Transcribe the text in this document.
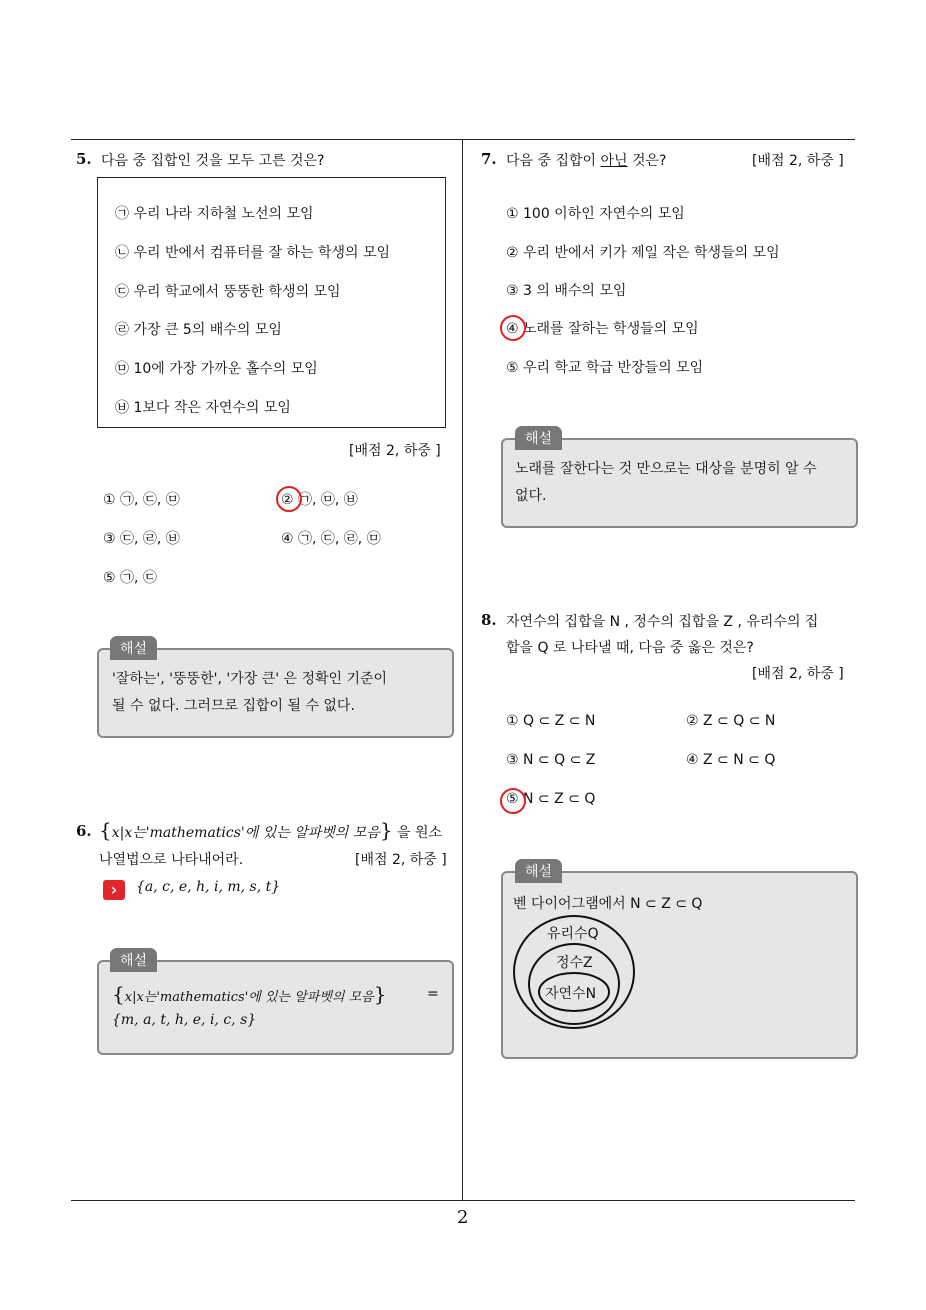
5. 다음 중 집합인 것을 모두 고른 것은?
㉠ 우리 나라 지하철 노선의 모임
㉡ 우리 반에서 컴퓨터를 잘 하는 학생의 모임
㉢ 우리 학교에서 뚱뚱한 학생의 모임
㉣ 가장 큰 5의 배수의 모임
㉤ 10에 가장 가까운 홀수의 모임
㉥ 1보다 작은 자연수의 모임
[배점 2, 하중 ]
① ㉠, ㉢, ㉤	② ㉠, ㉤, ㉥
③ ㉢, ㉣, ㉥	④ ㉠, ㉢, ㉣, ㉤
⑤ ㉠, ㉢
해설
'잘하는', '뚱뚱한', '가장 큰' 은 정확인 기준이
될 수 없다. 그러므로 집합이 될 수 없다.
6. {x|x는'mathematics'에 있는 알파벳의 모음} 을 원소
나열법으로 나타내어라.	[배점 2, 하중 ]
›	{a, c, e, h, i, m, s, t}
해설
{x|x는'mathematics'에 있는 알파벳의 모음}	=
{m, a, t, h, e, i, c, s}
7. 다음 중 집합이 아닌 것은?	[배점 2, 하중 ]
① 100 이하인 자연수의 모임
② 우리 반에서 키가 제일 작은 학생들의 모임
③ 3 의 배수의 모임
④ 노래를 잘하는 학생들의 모임
⑤ 우리 학교 학급 반장들의 모임
해설
노래를 잘한다는 것 만으로는 대상을 분명히 알 수
없다.
8. 자연수의 집합을 N , 정수의 집합을 Z , 유리수의 집
합을 Q 로 나타낼 때, 다음 중 옳은 것은?
[배점 2, 하중 ]
① Q ⊂ Z ⊂ N	② Z ⊂ Q ⊂ N
③ N ⊂ Q ⊂ Z	④ Z ⊂ N ⊂ Q
⑤ N ⊂ Z ⊂ Q
해설
벤 다이어그램에서 N ⊂ Z ⊂ Q
유리수Q
정수Z
자연수N
2
